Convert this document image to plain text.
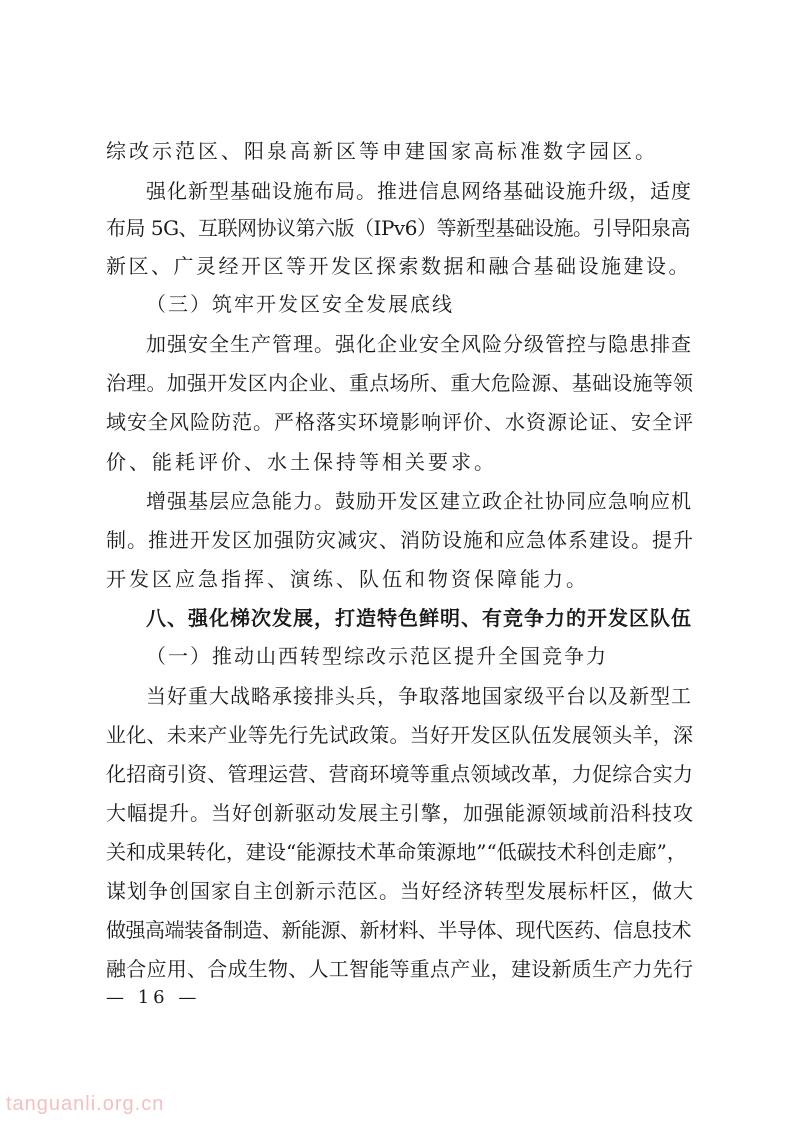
综改示范区、阳泉高新区等申建国家高标准数字园区。
强化新型基础设施布局。推进信息网络基础设施升级，适度
布局 5G、互联网协议第六版（IPv6）等新型基础设施。引导阳泉高
新区、广灵经开区等开发区探索数据和融合基础设施建设。
（三）筑牢开发区安全发展底线
加强安全生产管理。强化企业安全风险分级管控与隐患排查
治理。加强开发区内企业、重点场所、重大危险源、基础设施等领
域安全风险防范。严格落实环境影响评价、水资源论证、安全评
价、能耗评价、水土保持等相关要求。
增强基层应急能力。鼓励开发区建立政企社协同应急响应机
制。推进开发区加强防灾减灾、消防设施和应急体系建设。提升
开发区应急指挥、演练、队伍和物资保障能力。
八、强化梯次发展，打造特色鲜明、有竞争力的开发区队伍
（一）推动山西转型综改示范区提升全国竞争力
当好重大战略承接排头兵，争取落地国家级平台以及新型工
业化、未来产业等先行先试政策。当好开发区队伍发展领头羊，深
化招商引资、管理运营、营商环境等重点领域改革，力促综合实力
大幅提升。当好创新驱动发展主引擎，加强能源领域前沿科技攻
关和成果转化，建设“能源技术革命策源地”“低碳技术科创走廊”，
谋划争创国家自主创新示范区。当好经济转型发展标杆区，做大
做强高端装备制造、新能源、新材料、半导体、现代医药、信息技术
融合应用、合成生物、人工智能等重点产业，建设新质生产力先行
— 16 —
tanguanli.org.cn
